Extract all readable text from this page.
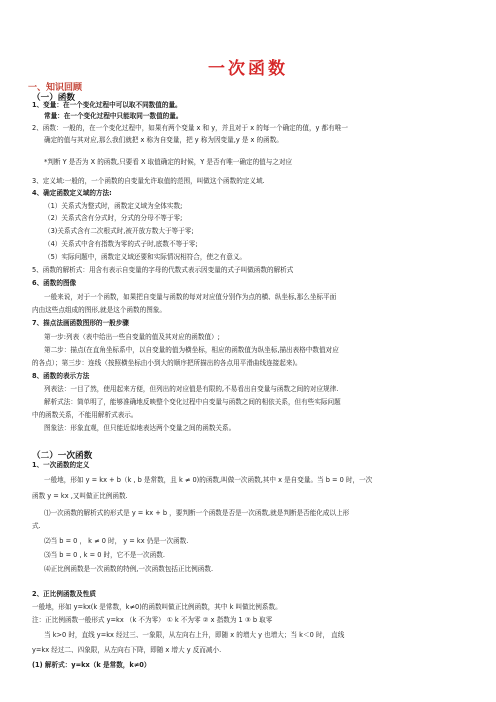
一次函数
一、知识回顾
（一）函数
1、变量：在一个变化过程中可以取不同数值的量。
常量：在一个变化过程中只能取同一数值的量。
2、函数：一般的，在一个变化过程中，如果有两个变量 x 和 y，并且对于 x 的每一个确定的值，y 都有唯一
确定的值与其对应,那么我们就把 x 称为自变量，把 y 称为因变量,y 是 x 的函数。
*判断 Y 是否为 X 的函数,只要看 X 取值确定的时候，Y 是否有唯一确定的值与之对应
3、定义域:一般的，一个函数的自变量允许取值的范围，叫做这个函数的定义域.
4、确定函数定义域的方法:
（1）关系式为整式时，函数定义域为全体实数;
（2）关系式含有分式时，分式的分母不等于零;
（3)关系式含有二次根式时,被开放方数大于等于零;
（4）关系式中含有指数为零的式子时,底数不等于零;
（5）实际问题中，函数定义域还要和实际情况相符合，使之有意义。
5、函数的解析式：用含有表示自变量的字母的代数式表示因变量的式子叫做函数的解析式
6、函数的图像
一般来说，对于一个函数，如果把自变量与函数的每对对应值分别作为点的横、纵坐标,那么坐标平面
内由这些点组成的图形,就是这个函数的图象。
7、描点法画函数图形的一般步骤
第一步:列表（表中给出一些自变量的值及其对应的函数值）;
第二步：描点(在直角坐标系中，以自变量的值为横坐标，相应的函数值为纵坐标,描出表格中数值对应
的各点）；第三步：连线（按照横坐标由小到大的顺序把所描出的各点用平滑曲线连接起来)。
8、函数的表示方法
列表法：一目了然，使用起来方便，但列出的对应值是有限的,不易看出自变量与函数之间的对应规律.
解析式法：简单明了，能够准确地反映整个变化过程中自变量与函数之间的相依关系，但有些实际问题
中的函数关系，不能用解析式表示。
图象法：形象直观，但只能近似地表达两个变量之间的函数关系。
（二）一次函数
1、一次函数的定义
一般地，形如 y = kx + b（k , b 是常数，且 k ≠ 0)的函数,叫做一次函数,其中 x 是自变量。当 b = 0 时，一次
函数 y = kx ,又叫做正比例函数.
⑴一次函数的解析式的形式是 y = kx + b ，要判断一个函数是否是一次函数,就是判断是否能化成以上形
式.
⑵当 b = 0 ， k ≠ 0 时， y = kx 仍是一次函数.
⑶当 b = 0 , k = 0 时，它不是一次函数.
⑷正比例函数是一次函数的特例,一次函数包括正比例函数.
2、正比例函数及性质
一般地，形如 y=kx(k 是常数，k≠0)的函数叫做正比例函数，其中 k 叫做比例系数。
注：正比例函数一般形式 y=kx （k 不为零） ① k 不为零 ② x 指数为 1 ③ b 取零
当 k>0 时，直线 y=kx 经过三、一象限，从左向右上升，即随 x 的增大 y 也增大；当 k＜0 时， 直线
y=kx 经过二、四象限，从左向右下降，即随 x 增大 y 反而减小.
(1) 解析式：y=kx（k 是常数，k≠0）
